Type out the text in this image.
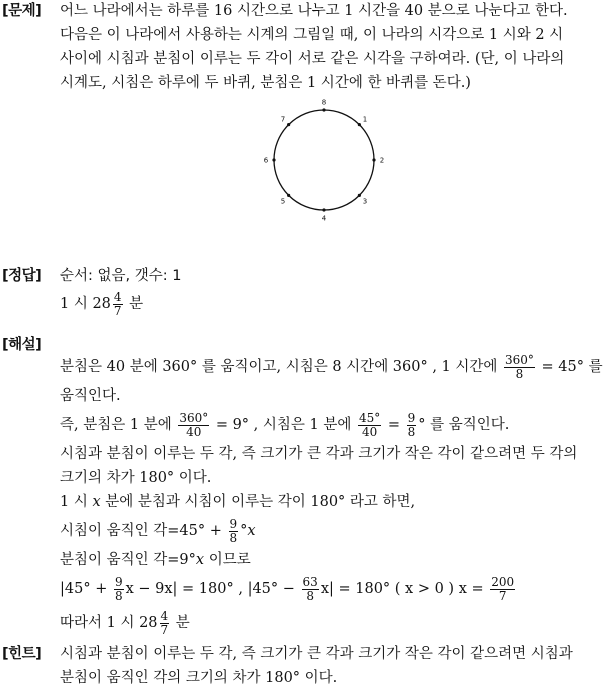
[문제] 어느 나라에서는 하루를 16 시간으로 나누고 1 시간을 40 분으로 나눈다고 한다.
다음은 이 나라에서 사용하는 시계의 그림일 때, 이 나라의 시각으로 1 시와 2 시
사이에 시침과 분침이 이루는 두 각이 서로 같은 시각을 구하여라. (단, 이 나라의
시계도, 시침은 하루에 두 바퀴, 분침은 1 시간에 한 바퀴를 돈다.)
8
1
2
3
4
5
6
7
[정답] 순서: 없음, 갯수: 1
1 시 $28 \frac{4}{7}$ 분
[해설]
분침은 40 분에 360° 를 움직이고, 시침은 8 시간에 360° , 1 시간에 $\frac{360^\circ}{8} = 45^\circ$ 를
움직인다.
즉, 분침은 1 분에 $\frac{360^\circ}{40} = 9^\circ$ , 시침은 1 분에 $\frac{45^\circ}{40} = \frac{9}{8}$ ° 를 움직인다.
시침과 분침이 이루는 두 각, 즉 크기가 큰 각과 크기가 작은 각이 같으려면 두 각의
크기의 차가 180° 이다.
1 시 x 분에 분침과 시침이 이루는 각이 180° 라고 하면,
시침이 움직인 각$=45^\circ + \frac{9}{8} ^\circ x$
분침이 움직인 각=9°x 이므로
$|45^\circ + \frac{9}{8}$ x − 9x| = 180° , $|45^\circ - \frac{63}{8} x| = 180^\circ$ ( x > 0 ) $x = \frac{200}{7}$
따라서 1 시 $28 \frac{4}{7}$ 분
[힌트] 시침과 분침이 이루는 두 각, 즉 크기가 큰 각과 크기가 작은 각이 같으려면 시침과
분침이 움직인 각의 크기의 차가 180° 이다.
